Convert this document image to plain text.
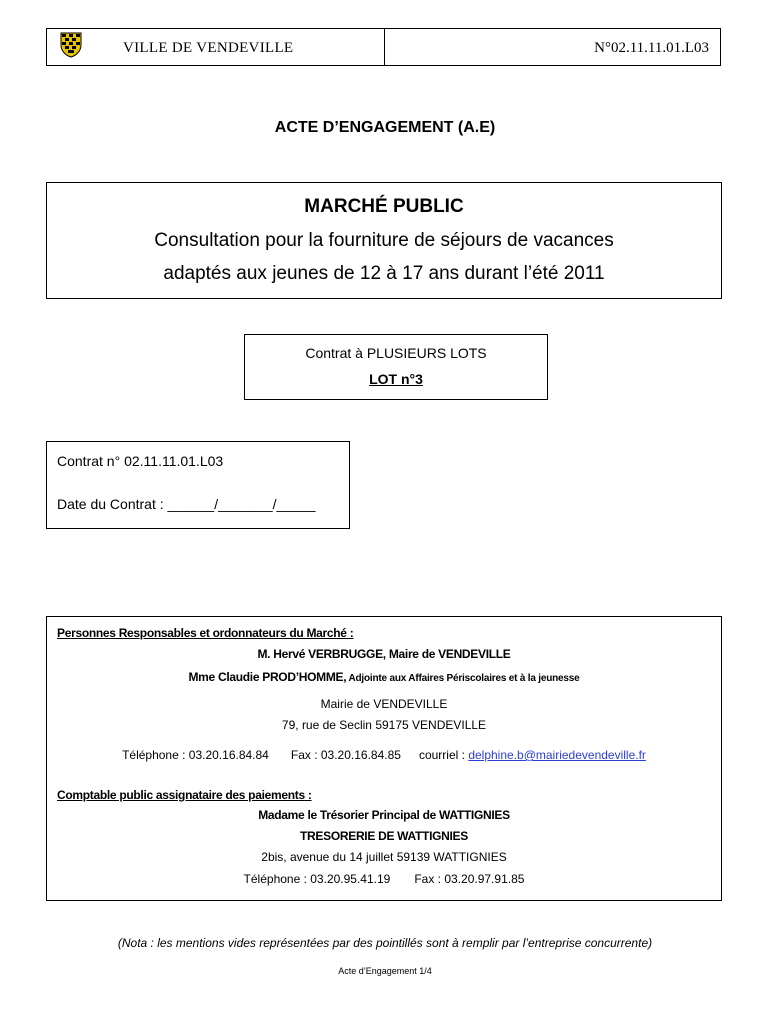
VILLE DE VENDEVILLE	N°02.11.11.01.L03
ACTE D’ENGAGEMENT (A.E)
MARCHÉ PUBLIC
Consultation pour la fourniture de séjours de vacances
adaptés aux jeunes de 12 à 17 ans durant l’été 2011
Contrat à PLUSIEURS LOTS
LOT n°3
Contrat n° 02.11.11.01.L03
Date du Contrat : ______/_______/_____
Personnes Responsables et ordonnateurs du Marché :
M. Hervé VERBRUGGE, Maire de VENDEVILLE
Mme Claudie PROD’HOMME, Adjointe aux Affaires Périscolaires et à la jeunesse
Mairie de VENDEVILLE
79, rue de Seclin 59175 VENDEVILLE
Téléphone : 03.20.16.84.84 Fax : 03.20.16.84.85 courriel : delphine.b@mairiedevendeville.fr
Comptable public assignataire des paiements :
Madame le Trésorier Principal de WATTIGNIES
TRESORERIE DE WATTIGNIES
2bis, avenue du 14 juillet 59139 WATTIGNIES
Téléphone : 03.20.95.41.19 Fax : 03.20.97.91.85
(Nota : les mentions vides représentées par des pointillés sont à remplir par l’entreprise concurrente)
Acte d’Engagement 1/4
